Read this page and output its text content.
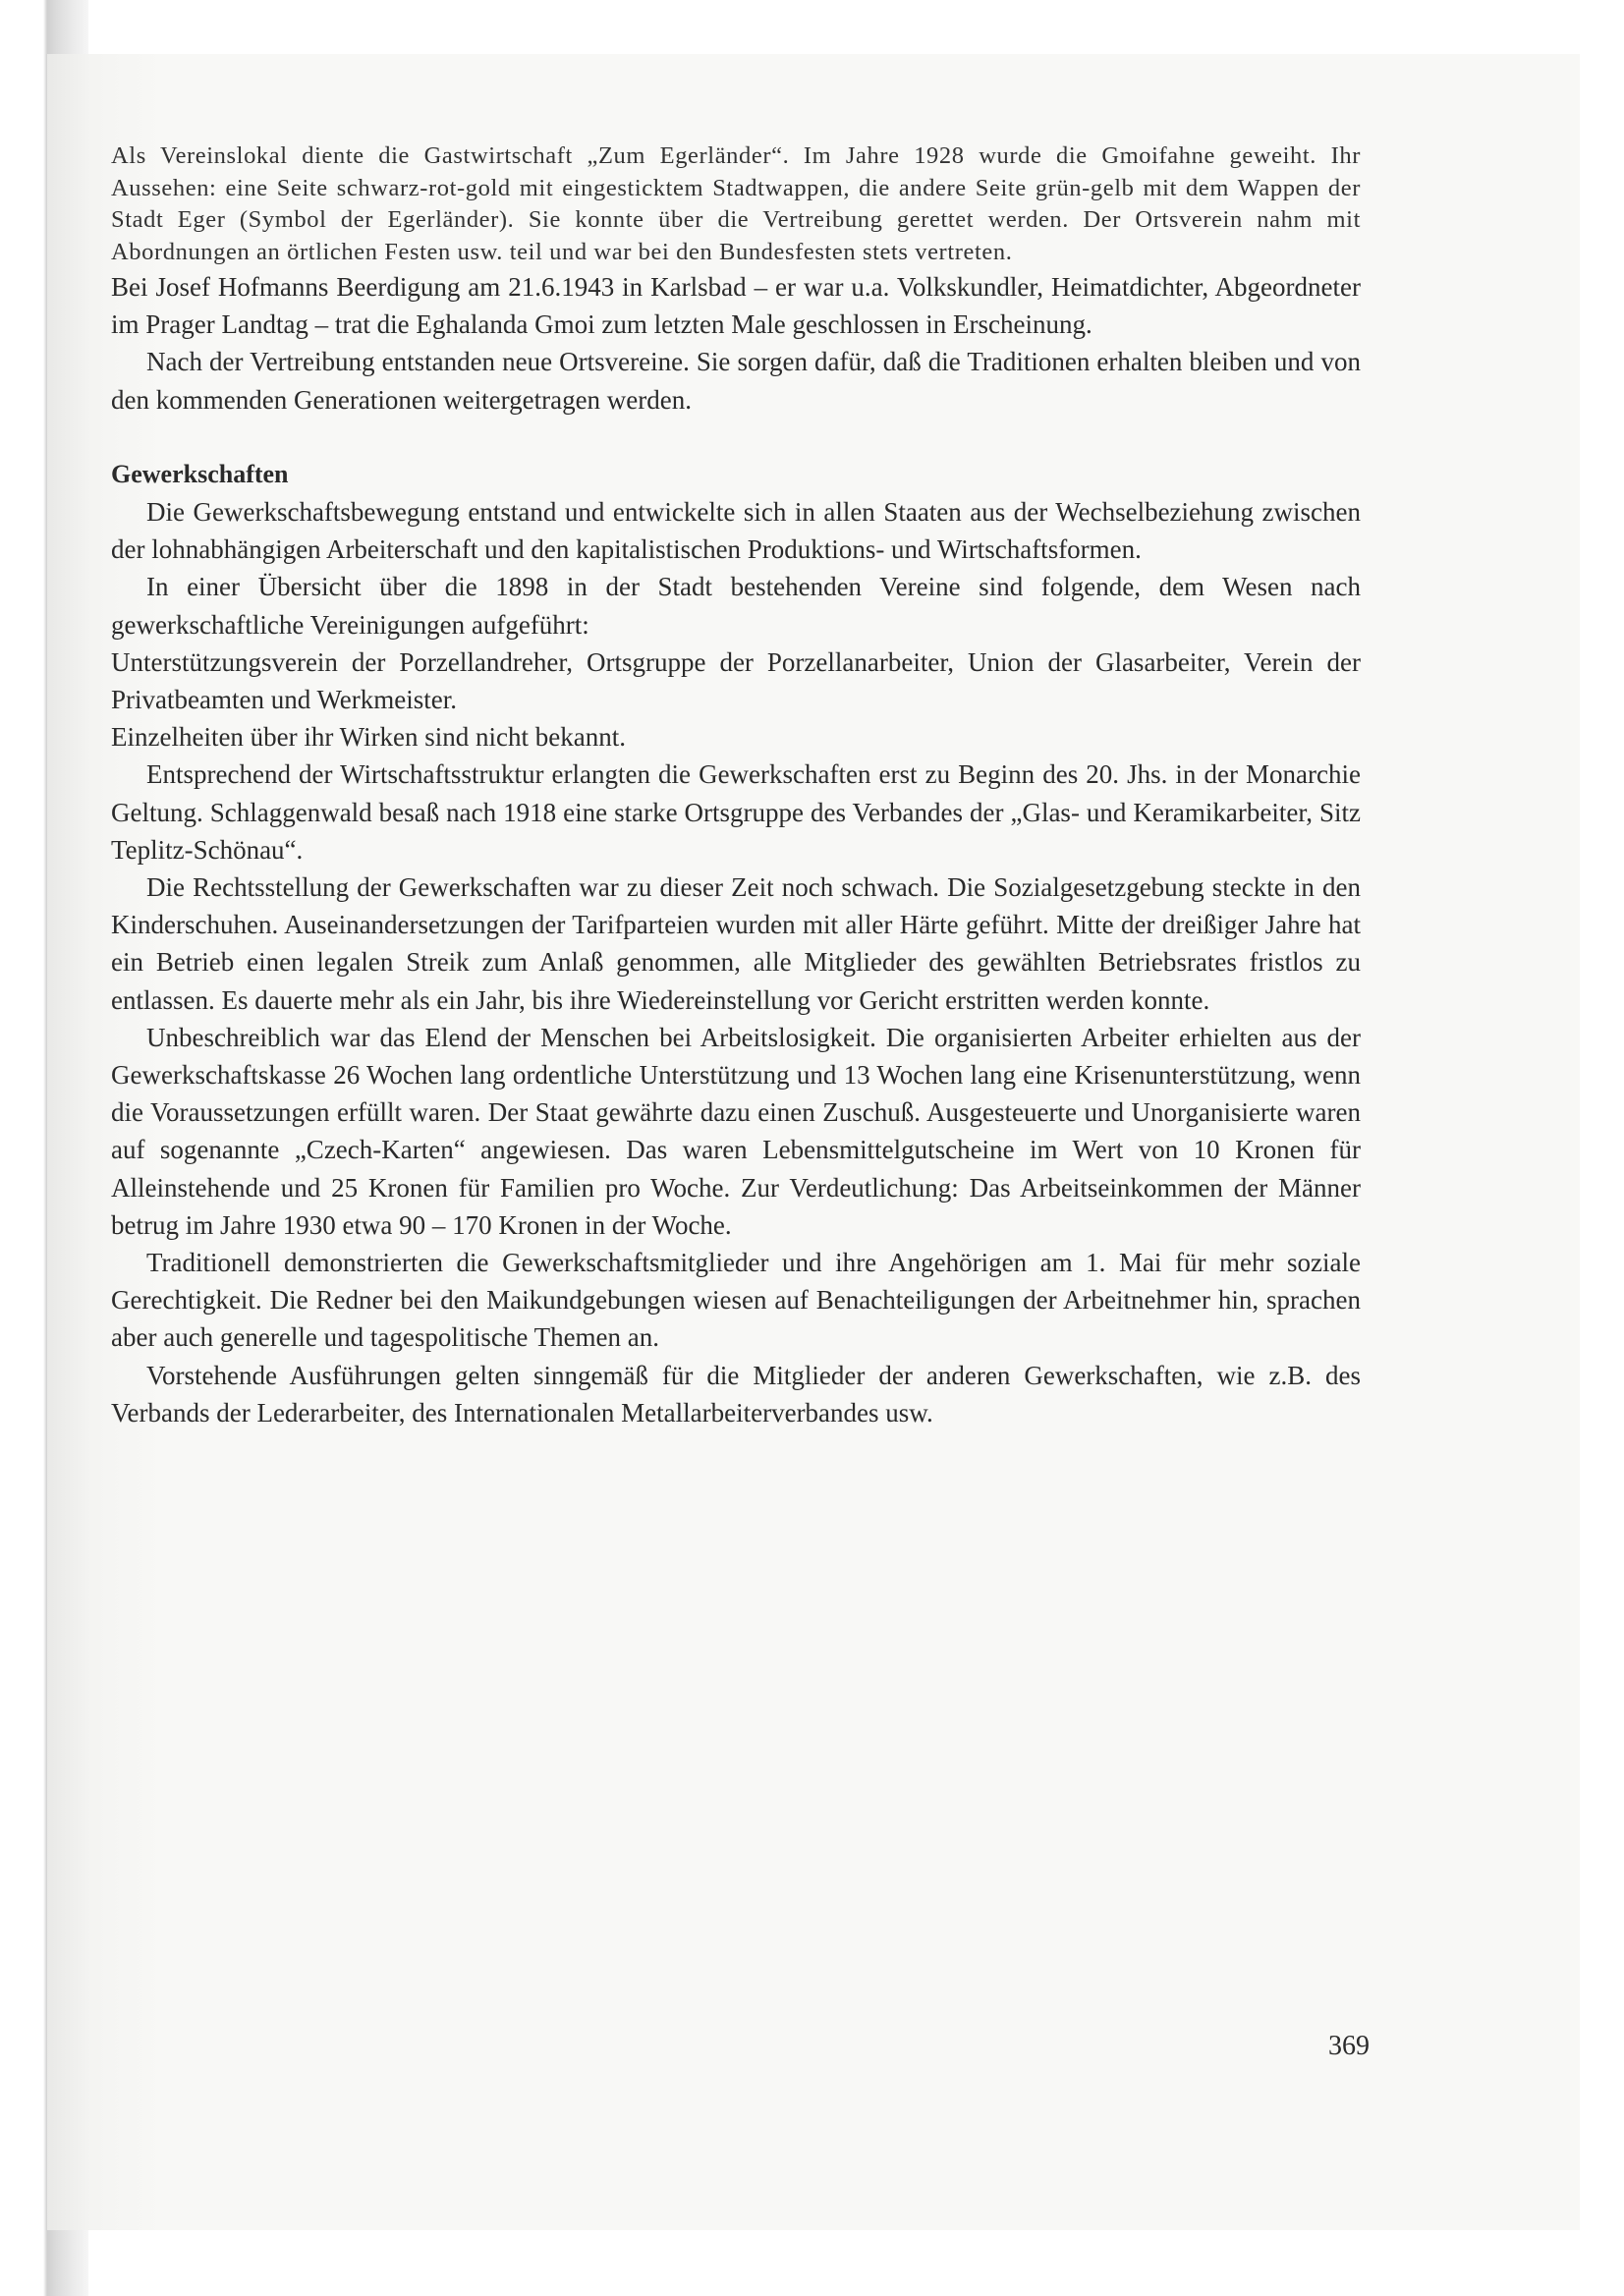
Als Vereinslokal diente die Gastwirtschaft „Zum Egerländer“. Im Jahre 1928 wurde die Gmoifahne geweiht. Ihr Aussehen: eine Seite schwarz-rot-gold mit eingesticktem Stadtwappen, die andere Seite grün-gelb mit dem Wappen der Stadt Eger (Symbol der Egerländer). Sie konnte über die Vertreibung gerettet werden. Der Ortsverein nahm mit Abordnungen an örtlichen Festen usw. teil und war bei den Bundesfesten stets vertreten.

Bei Josef Hofmanns Beerdigung am 21.6.1943 in Karlsbad – er war u.a. Volkskundler, Heimatdichter, Abgeordneter im Prager Landtag – trat die Eghalanda Gmoi zum letzten Male geschlossen in Erscheinung.

Nach der Vertreibung entstanden neue Ortsvereine. Sie sorgen dafür, daß die Traditionen erhalten bleiben und von den kommenden Generationen weitergetragen werden.

Gewerkschaften

Die Gewerkschaftsbewegung entstand und entwickelte sich in allen Staaten aus der Wechselbeziehung zwischen der lohnabhängigen Arbeiterschaft und den kapitalistischen Produktions- und Wirtschaftsformen.

In einer Übersicht über die 1898 in der Stadt bestehenden Vereine sind folgende, dem Wesen nach gewerkschaftliche Vereinigungen aufgeführt:

Unterstützungsverein der Porzellandreher, Ortsgruppe der Porzellanarbeiter, Union der Glasarbeiter, Verein der Privatbeamten und Werkmeister.

Einzelheiten über ihr Wirken sind nicht bekannt.

Entsprechend der Wirtschaftsstruktur erlangten die Gewerkschaften erst zu Beginn des 20. Jhs. in der Monarchie Geltung. Schlaggenwald besaß nach 1918 eine starke Ortsgruppe des Verbandes der „Glas- und Keramikarbeiter, Sitz Teplitz-Schönau“.

Die Rechtsstellung der Gewerkschaften war zu dieser Zeit noch schwach. Die Sozialgesetzgebung steckte in den Kinderschuhen. Auseinandersetzungen der Tarifparteien wurden mit aller Härte geführt. Mitte der dreißiger Jahre hat ein Betrieb einen legalen Streik zum Anlaß genommen, alle Mitglieder des gewählten Betriebsrates fristlos zu entlassen. Es dauerte mehr als ein Jahr, bis ihre Wiedereinstellung vor Gericht erstritten werden konnte.

Unbeschreiblich war das Elend der Menschen bei Arbeitslosigkeit. Die organisierten Arbeiter erhielten aus der Gewerkschaftskasse 26 Wochen lang ordentliche Unterstützung und 13 Wochen lang eine Krisenunterstützung, wenn die Voraussetzungen erfüllt waren. Der Staat gewährte dazu einen Zuschuß. Ausgesteuerte und Unorganisierte waren auf sogenannte „Czech-Karten“ angewiesen. Das waren Lebensmittelgutscheine im Wert von 10 Kronen für Alleinstehende und 25 Kronen für Familien pro Woche. Zur Verdeutlichung: Das Arbeitseinkommen der Männer betrug im Jahre 1930 etwa 90 – 170 Kronen in der Woche.

Traditionell demonstrierten die Gewerkschaftsmitglieder und ihre Angehörigen am 1. Mai für mehr soziale Gerechtigkeit. Die Redner bei den Maikundgebungen wiesen auf Benachteiligungen der Arbeitnehmer hin, sprachen aber auch generelle und tagespolitische Themen an.

Vorstehende Ausführungen gelten sinngemäß für die Mitglieder der anderen Gewerkschaften, wie z.B. des Verbands der Lederarbeiter, des Internationalen Metallarbeiterverbandes usw.

369
